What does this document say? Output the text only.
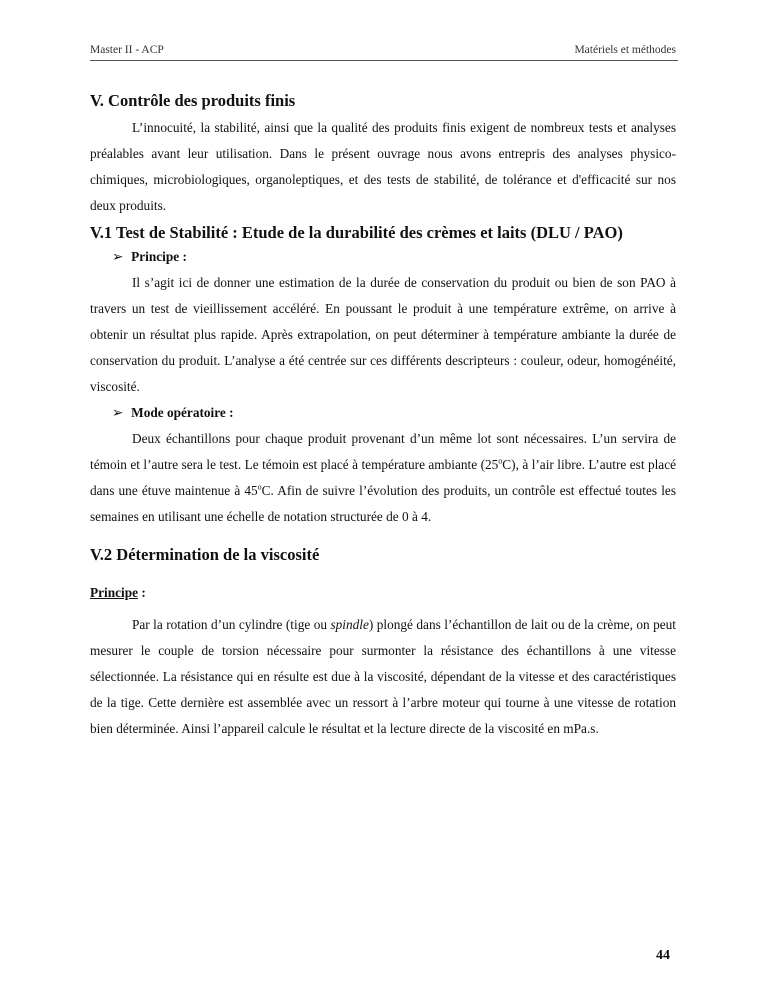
Master II - ACP	Matériels et méthodes
V. Contrôle des produits finis

L’innocuité, la stabilité, ainsi que la qualité des produits finis exigent de nombreux tests et analyses préalables avant leur utilisation. Dans le présent ouvrage nous avons entrepris des analyses physico-chimiques, microbiologiques, organoleptiques, et des tests de stabilité, de tolérance et d'efficacité sur nos deux produits.

V.1 Test de Stabilité : Etude de la durabilité des crèmes et laits (DLU / PAO)
➢ Principe :

Il s’agit ici de donner une estimation de la durée de conservation du produit ou bien de son PAO à travers un test de vieillissement accéléré. En poussant le produit à une température extrême, on arrive à obtenir un résultat plus rapide. Après extrapolation, on peut déterminer à température ambiante la durée de conservation du produit. L’analyse a été centrée sur ces différents descripteurs : couleur, odeur, homogénéité, viscosité.

➢ Mode opératoire :

Deux échantillons pour chaque produit provenant d’un même lot sont nécessaires. L’un servira de témoin et l’autre sera le test. Le témoin est placé à température ambiante (25$^o$C), à l’air libre. L’autre est placé dans une étuve maintenue à 45$^o$C. Afin de suivre l’évolution des produits, un contrôle est effectué toutes les semaines en utilisant une échelle de notation structurée de 0 à 4.

V.2 Détermination de la viscosité

Principe :

Par la rotation d’un cylindre (tige ou spindle) plongé dans l’échantillon de lait ou de la crème, on peut mesurer le couple de torsion nécessaire pour surmonter la résistance des échantillons à une vitesse sélectionnée. La résistance qui en résulte est due à la viscosité, dépendant de la vitesse et des caractéristiques de la tige. Cette dernière est assemblée avec un ressort à l’arbre moteur qui tourne à une vitesse de rotation bien déterminée. Ainsi l’appareil calcule le résultat et la lecture directe de la viscosité en mPa.s.

44
